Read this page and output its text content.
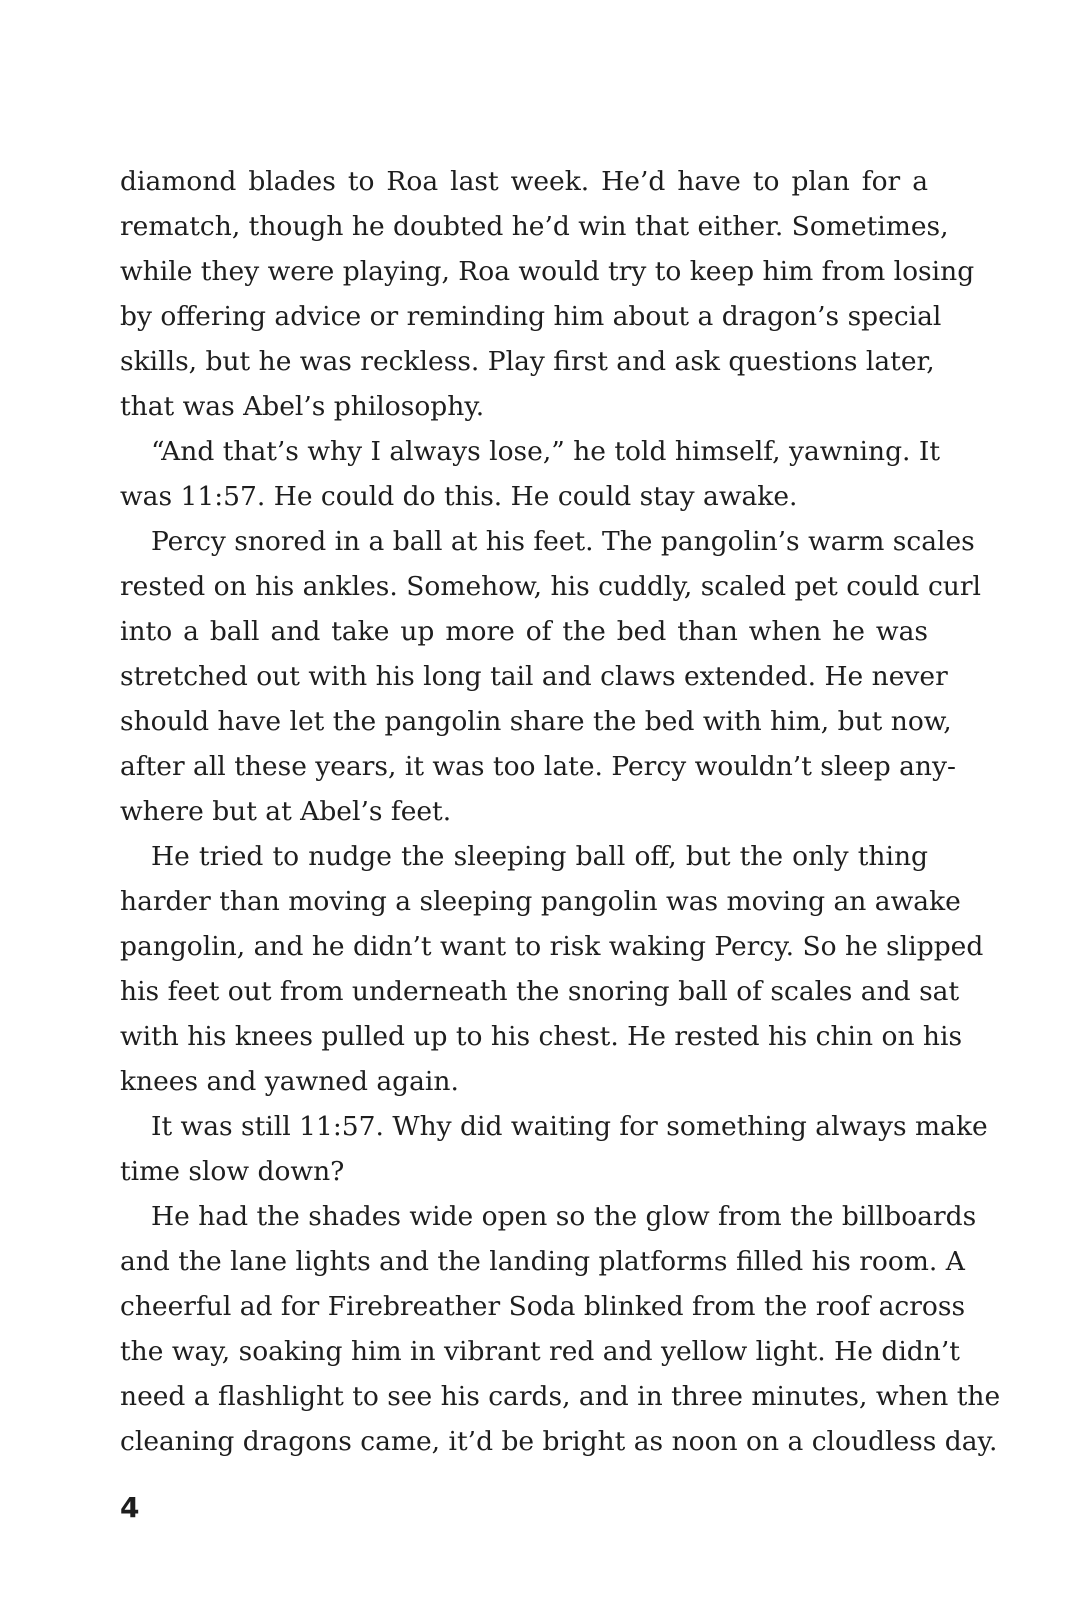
diamond blades to Roa last week. He’d have to plan for a
rematch, though he doubted he’d win that either. Sometimes,
while they were playing, Roa would try to keep him from losing
by offering advice or reminding him about a dragon’s special
skills, but he was reckless. Play first and ask questions later,
that was Abel’s philosophy.
“And that’s why I always lose,” he told himself, yawning. It
was 11:57. He could do this. He could stay awake.
Percy snored in a ball at his feet. The pangolin’s warm scales
rested on his ankles. Somehow, his cuddly, scaled pet could curl
into a ball and take up more of the bed than when he was
stretched out with his long tail and claws extended. He never
should have let the pangolin share the bed with him, but now,
after all these years, it was too late. Percy wouldn’t sleep any-
where but at Abel’s feet.
He tried to nudge the sleeping ball off, but the only thing
harder than moving a sleeping pangolin was moving an awake
pangolin, and he didn’t want to risk waking Percy. So he slipped
his feet out from underneath the snoring ball of scales and sat
with his knees pulled up to his chest. He rested his chin on his
knees and yawned again.
It was still 11:57. Why did waiting for something always make
time slow down?
He had the shades wide open so the glow from the billboards
and the lane lights and the landing platforms filled his room. A
cheerful ad for Firebreather Soda blinked from the roof across
the way, soaking him in vibrant red and yellow light. He didn’t
need a flashlight to see his cards, and in three minutes, when the
cleaning dragons came, it’d be bright as noon on a cloudless day.
4
